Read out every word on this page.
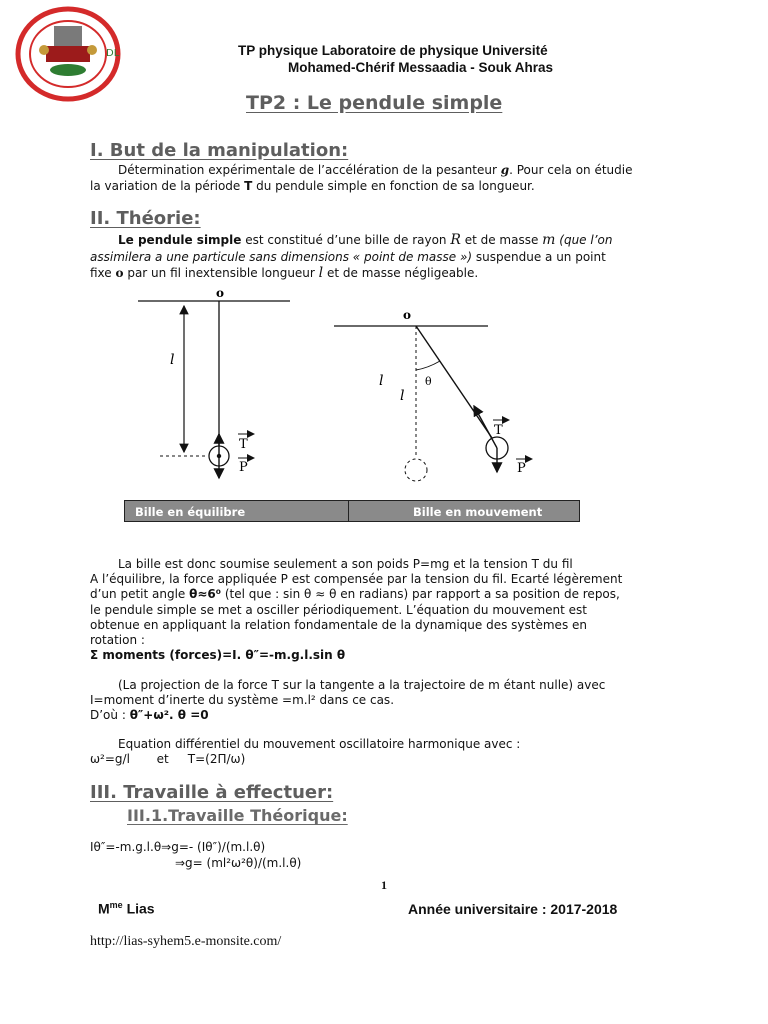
DL	TP physique Laboratoire de physique Université
Mohamed-Chérif Messaadia - Souk Ahras
TP2 : Le pendule simple
I. But de la manipulation:
Détermination expérimentale de l’accélération de la pesanteur g. Pour cela on étudie
la variation de la période T du pendule simple en fonction de sa longueur.
II. Théorie:
Le pendule simple est constitué d’une bille de rayon R et de masse m (que l’on
assimilera a une particule sans dimensions « point de masse ») suspendue a un point
fixe o par un fil inextensible longueur l et de masse négligeable.
o
l
T
P
o
θ
l
l
T
P
Bille en équilibre	Bille en mouvement
La bille est donc soumise seulement a son poids P=mg et la tension T du fil
A l’équilibre, la force appliquée P est compensée par la tension du fil. Ecarté légèrement
d’un petit angle θ≈6⁰ (tel que : sin θ ≈ θ en radians) par rapport a sa position de repos,
le pendule simple se met a osciller périodiquement. L’équation du mouvement est
obtenue en appliquant la relation fondamentale de la dynamique des systèmes en
rotation :
Σ moments (forces)=I. θ″=-m.g.l.sin θ
(La projection de la force T sur la tangente a la trajectoire de m étant nulle) avec
I=moment d’inerte du système =m.l² dans ce cas.
D’où : θ″+ω². θ =0
Equation différentiel du mouvement oscillatoire harmonique avec :
ω²=g/l       et     T=(2Π/ω)
III. Travaille à effectuer:
III.1.Travaille Théorique:
Iθ″=-m.g.l.θ⇒g=- (Iθ″)/(m.l.θ)
⇒g= (ml²ω²θ)/(m.l.θ)
1
$M^{me}$ Lias	Année universitaire : 2017-2018
http://lias-syhem5.e-monsite.com/
